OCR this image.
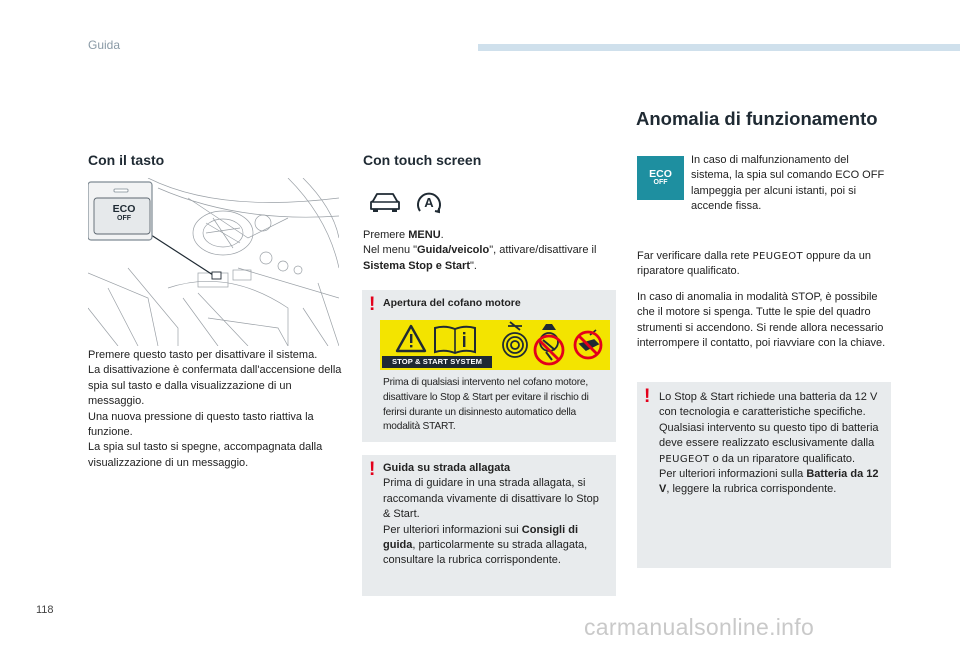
Guida
Con il tasto
ECO
OFF

Premere questo tasto per disattivare il sistema.

La disattivazione è confermata dall'accensione della spia sul tasto e dalla visualizzazione di un messaggio.

Una nuova pressione di questo tasto riattiva la funzione.

La spia sul tasto si spegne, accompagnata dalla visualizzazione di un messaggio.

Con touch screen
A

Premere MENU.

Nel menu "Guida/veicolo", attivare/disattivare il Sistema Stop e Start".

! Apertura del cofano motore
STOP & START SYSTEM
Prima di qualsiasi intervento nel cofano motore, disattivare lo Stop & Start per evitare il rischio di ferirsi durante un disinnesto automatico della modalità START.
! Guida su strada allagata

Prima di guidare in una strada allagata, si raccomanda vivamente di disattivare lo Stop & Start.

Per ulteriori informazioni sui Consigli di guida, particolarmente su strada allagata, consultare la rubrica corrispondente.

Anomalia di funzionamento
ECO
OFF
In caso di malfunzionamento del sistema, la spia sul comando ECO OFF lampeggia per alcuni istanti, poi si accende fissa.

Far verificare dalla rete PEUGEOT oppure da un riparatore qualificato.

In caso di anomalia in modalità STOP, è possibile che il motore si spenga. Tutte le spie del quadro strumenti si accendono. Si rende allora necessario interrompere il contatto, poi riavviare con la chiave.

! Lo Stop & Start richiede una batteria da 12 V con tecnologia e caratteristiche specifiche.

Qualsiasi intervento su questo tipo di batteria deve essere realizzato esclusivamente dalla PEUGEOT o da un riparatore qualificato.

Per ulteriori informazioni sulla Batteria da 12 V, leggere la rubrica corrispondente.

118
carmanualsonline.info
